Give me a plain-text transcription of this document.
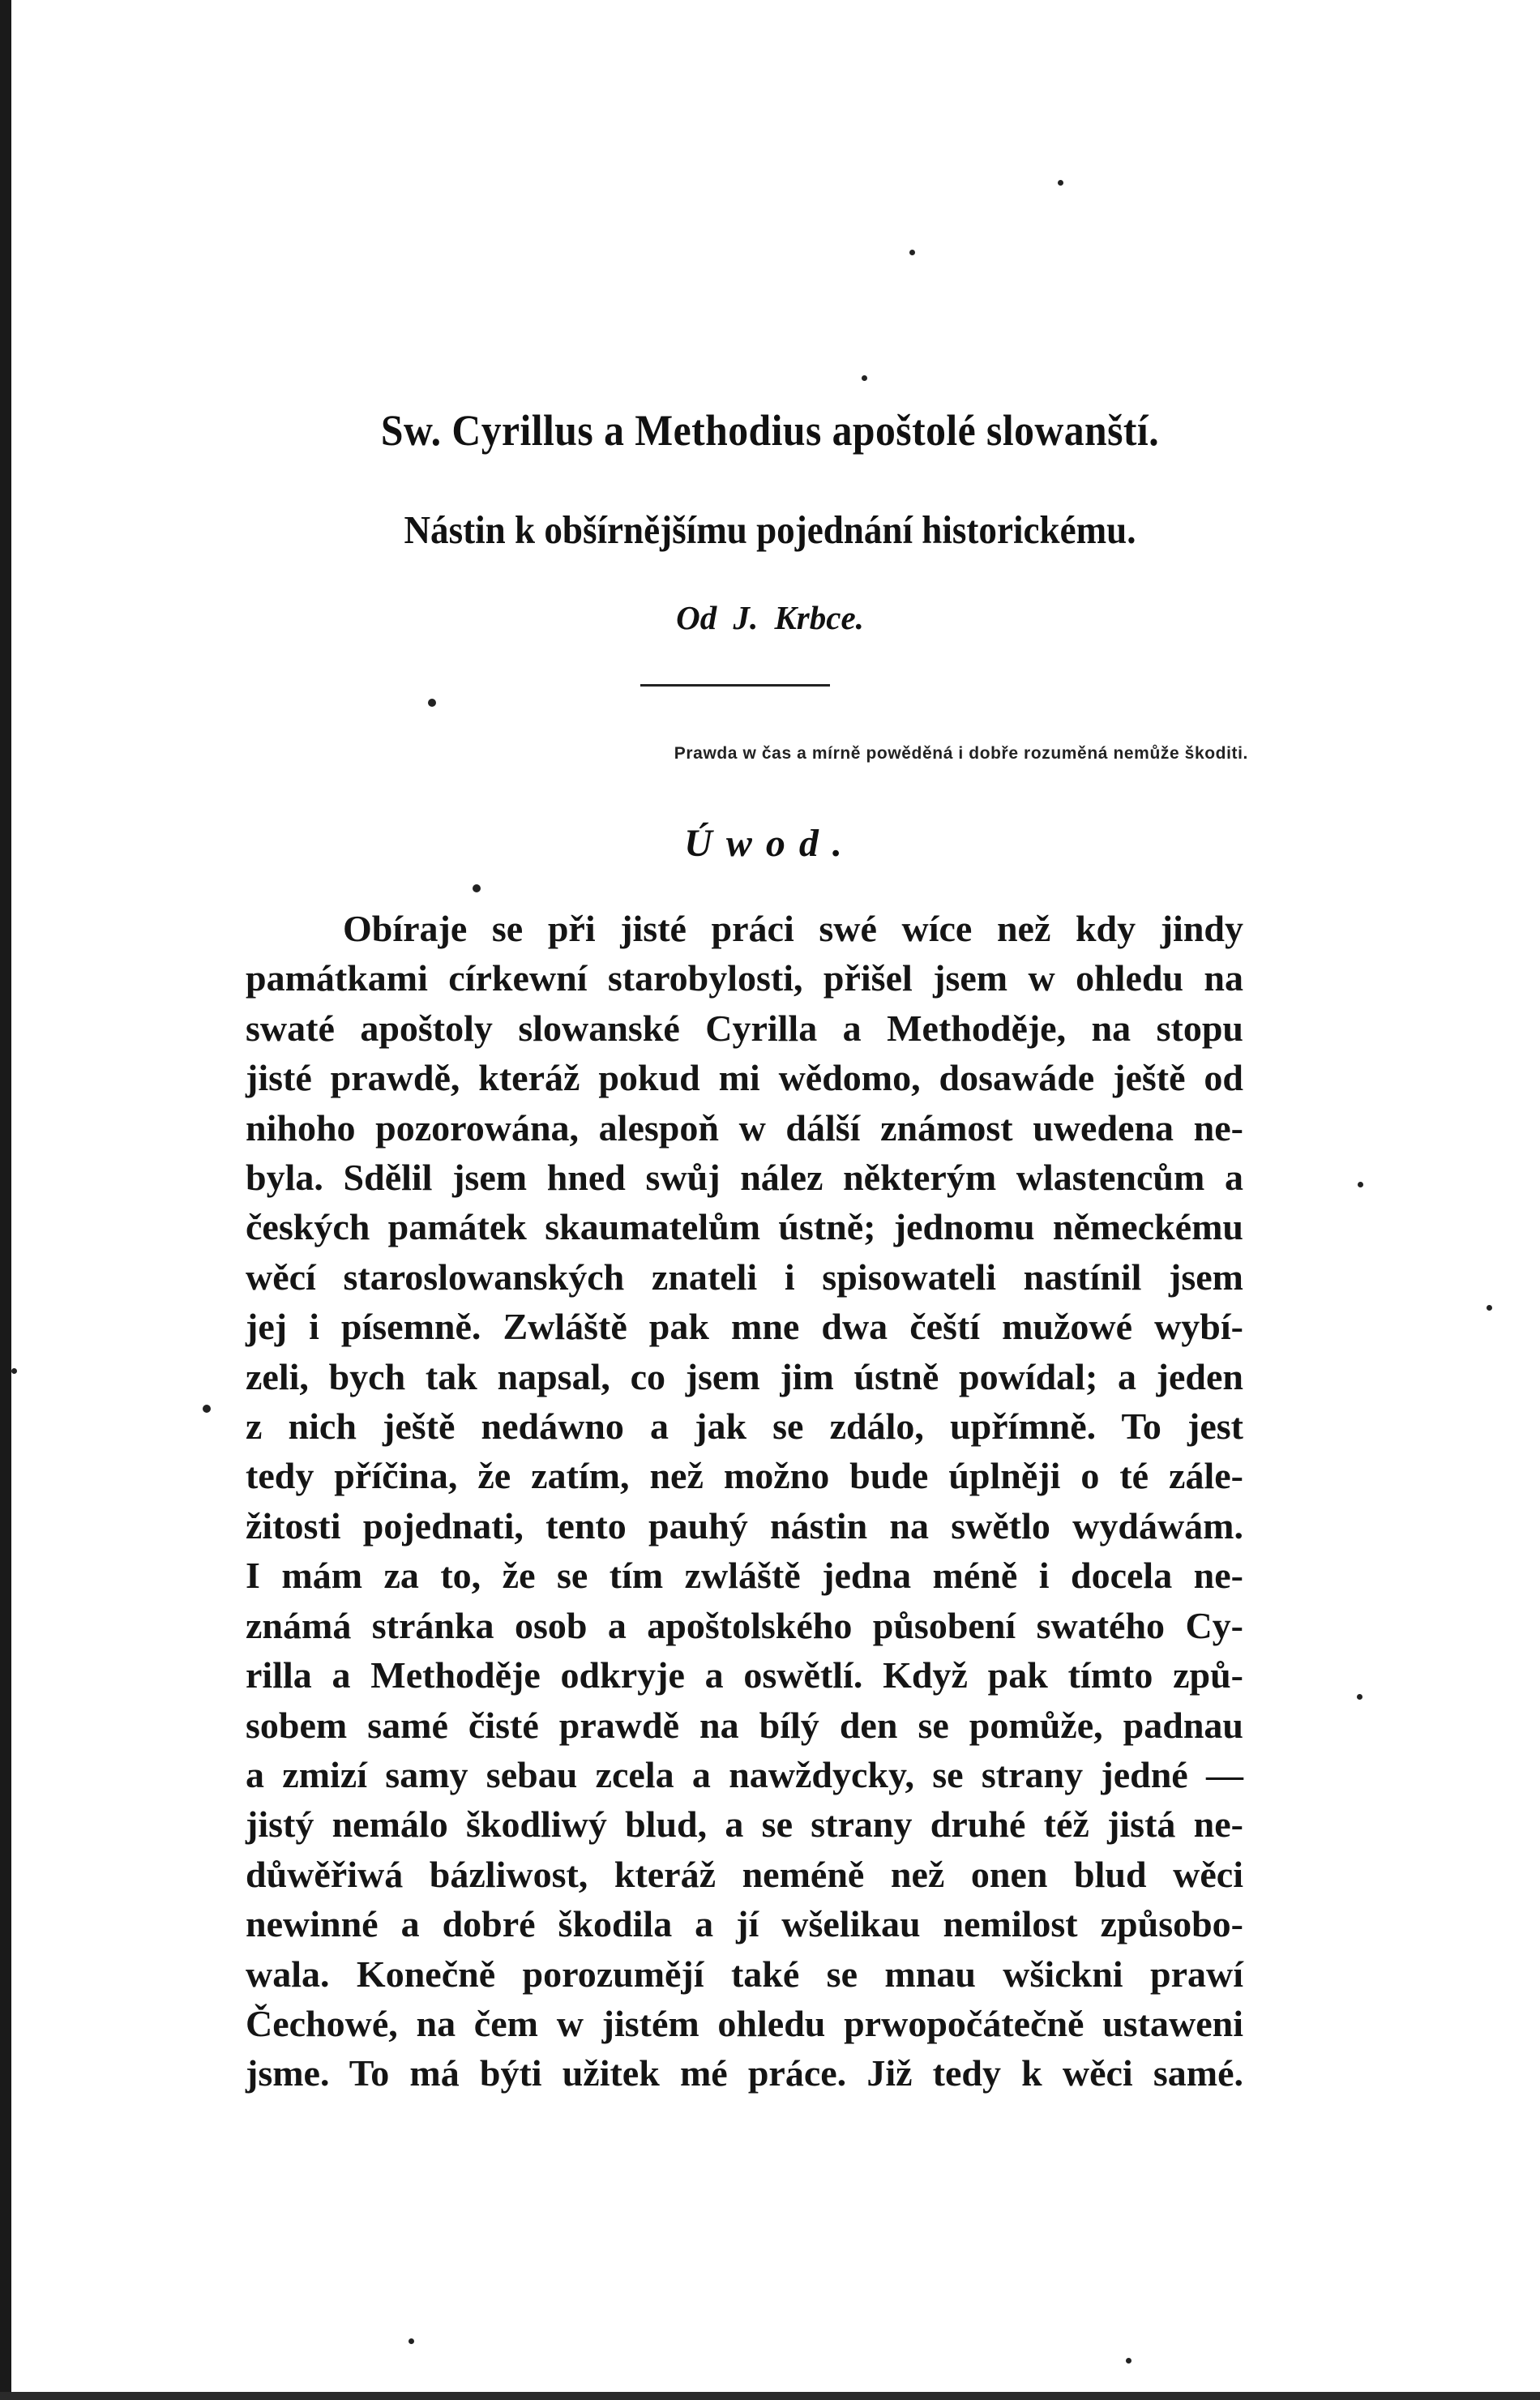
Sw. Cyrillus a Methodius apoštolé slowanští.
Nástin k obšírnějšímu pojednání historickému.

Od J. Krbce.

Prawda w čas a mírně powěděná i dobře rozuměná nemůže škoditi.
Úwod.

Obíraje se při jisté práci swé wíce než kdy jindy
památkami církewní starobylosti, přišel jsem w ohledu na
swaté apoštoly slowanské Cyrilla a Methoděje, na stopu
jisté prawdě, kteráž pokud mi wědomo, dosawáde ještě od
nihoho pozorowána, alespoň w dálší známost uwedena ne-
byla. Sdělil jsem hned swůj nález některým wlastencům a
českých památek skaumatelům ústně; jednomu německému
wěcí staroslowanských znateli i spisowateli nastínil jsem
jej i písemně. Zwláště pak mne dwa čeští mužowé wybí-
zeli, bych tak napsal, co jsem jim ústně powídal; a jeden
z nich ještě nedáwno a jak se zdálo, upřímně. To jest
tedy příčina, že zatím, než možno bude úplněji o té zále-
žitosti pojednati, tento pauhý nástin na swětlo wydáwám.
I mám za to, že se tím zwláště jedna méně i docela ne-
známá stránka osob a apoštolského působení swatého Cy-
rilla a Methoděje odkryje a oswětlí. Když pak tímto způ-
sobem samé čisté prawdě na bílý den se pomůže, padnau
a zmizí samy sebau zcela a nawždycky, se strany jedné —
jistý nemálo škodliwý blud, a se strany druhé též jistá ne-
důwěřiwá bázliwost, kteráž neméně než onen blud wěci
newinné a dobré škodila a jí wšelikau nemilost způsobo-
wala. Konečně porozumějí také se mnau wšickni prawí
Čechowé, na čem w jistém ohledu prwopočátečně ustaweni
jsme. To má býti užitek mé práce. Již tedy k wěci samé.
